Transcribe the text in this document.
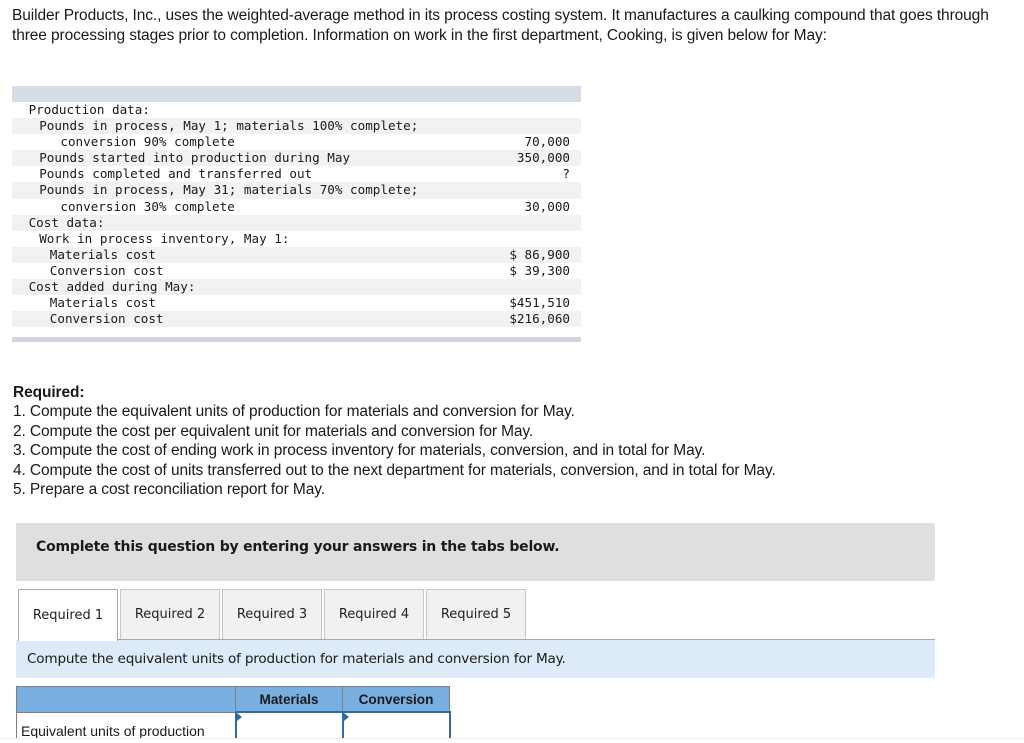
Builder Products, Inc., uses the weighted-average method in its process costing system. It manufactures a caulking compound that goes through three processing stages prior to completion. Information on work in the first department, Cooking, is given below for May:
Production data:
Pounds in process, May 1; materials 100% complete;
conversion 90% complete	70,000
Pounds started into production during May	350,000
Pounds completed and transferred out	?
Pounds in process, May 31; materials 70% complete;
conversion 30% complete	30,000
Cost data:
Work in process inventory, May 1:
Materials cost	$ 86,900
Conversion cost	$ 39,300
Cost added during May:
Materials cost	$451,510
Conversion cost	$216,060
Required:
1. Compute the equivalent units of production for materials and conversion for May.
2. Compute the cost per equivalent unit for materials and conversion for May.
3. Compute the cost of ending work in process inventory for materials, conversion, and in total for May.
4. Compute the cost of units transferred out to the next department for materials, conversion, and in total for May.
5. Prepare a cost reconciliation report for May.
Complete this question by entering your answers in the tabs below.
Required 1	Required 2	Required 3	Required 4	Required 5
Compute the equivalent units of production for materials and conversion for May.
	Materials	Conversion
Equivalent units of production	
